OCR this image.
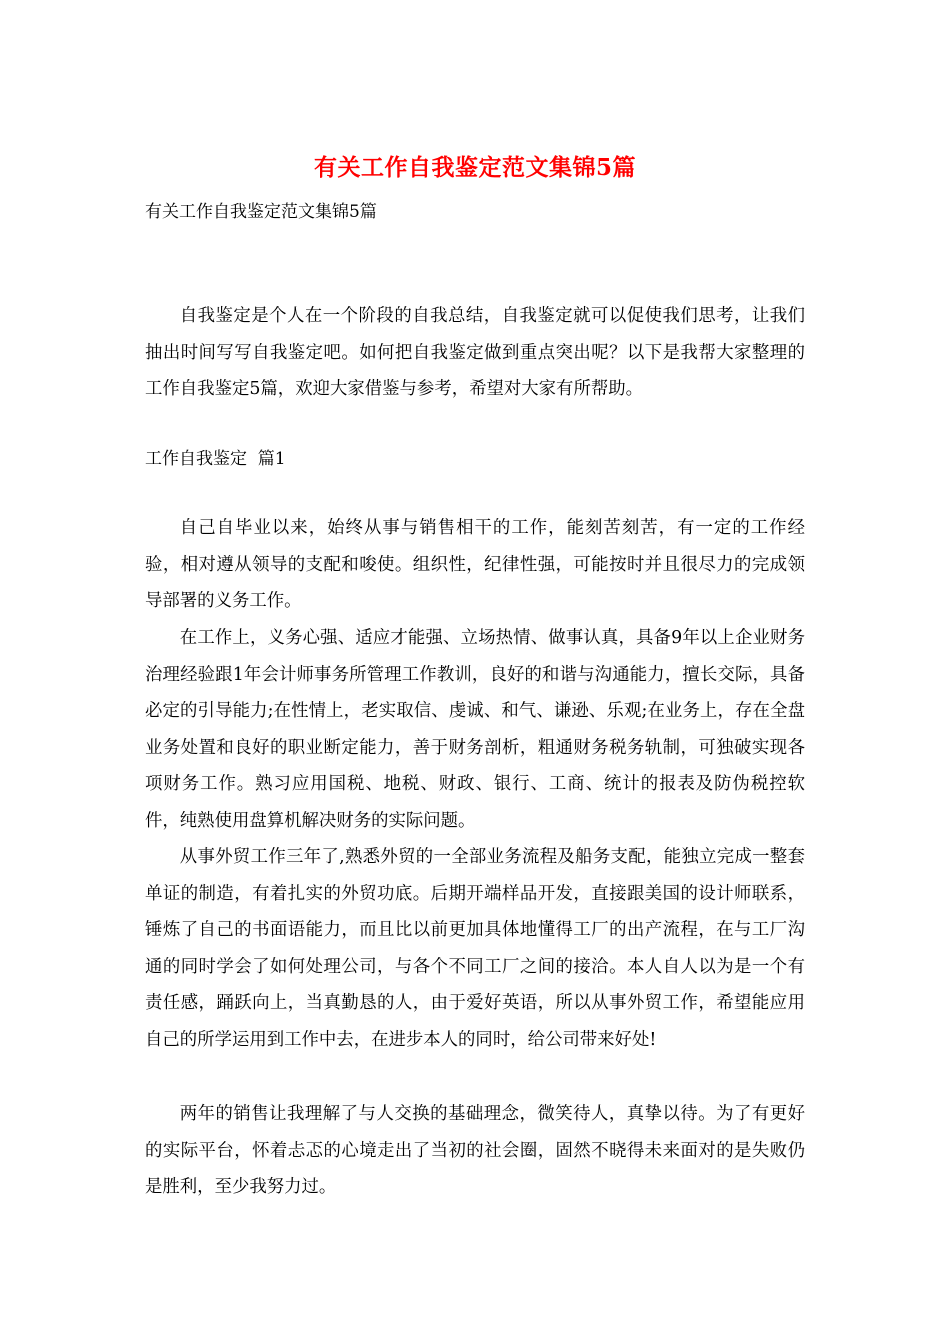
有关工作自我鉴定范文集锦5篇
有关工作自我鉴定范文集锦5篇

自我鉴定是个人在一个阶段的自我总结，自我鉴定就可以促使我们思考，让我们抽出时间写写自我鉴定吧。如何把自我鉴定做到重点突出呢？以下是我帮大家整理的工作自我鉴定5篇，欢迎大家借鉴与参考，希望对大家有所帮助。

工作自我鉴定  篇1

自己自毕业以来，始终从事与销售相干的工作，能刻苦刻苦，有一定的工作经验，相对遵从领导的支配和唆使。组织性，纪律性强，可能按时并且很尽力的完成领导部署的义务工作。

在工作上，义务心强、适应才能强、立场热情、做事认真，具备9年以上企业财务治理经验跟1年会计师事务所管理工作教训，良好的和谐与沟通能力，擅长交际，具备必定的引导能力;在性情上，老实取信、虔诚、和气、谦逊、乐观;在业务上，存在全盘业务处置和良好的职业断定能力，善于财务剖析，粗通财务税务轨制，可独破实现各项财务工作。熟习应用国税、地税、财政、银行、工商、统计的报表及防伪税控软件，纯熟使用盘算机解决财务的实际问题。

从事外贸工作三年了,熟悉外贸的一全部业务流程及船务支配，能独立完成一整套单证的制造，有着扎实的外贸功底。后期开端样品开发，直接跟美国的设计师联系，锤炼了自己的书面语能力，而且比以前更加具体地懂得工厂的出产流程，在与工厂沟通的同时学会了如何处理公司，与各个不同工厂之间的接洽。本人自人以为是一个有责任感，踊跃向上，当真勤恳的人，由于爱好英语，所以从事外贸工作，希望能应用自己的所学运用到工作中去，在进步本人的同时，给公司带来好处!

两年的销售让我理解了与人交换的基础理念，微笑待人，真挚以待。为了有更好的实际平台，怀着忐忑的心境走出了当初的社会圈，固然不晓得未来面对的是失败仍是胜利，至少我努力过。
